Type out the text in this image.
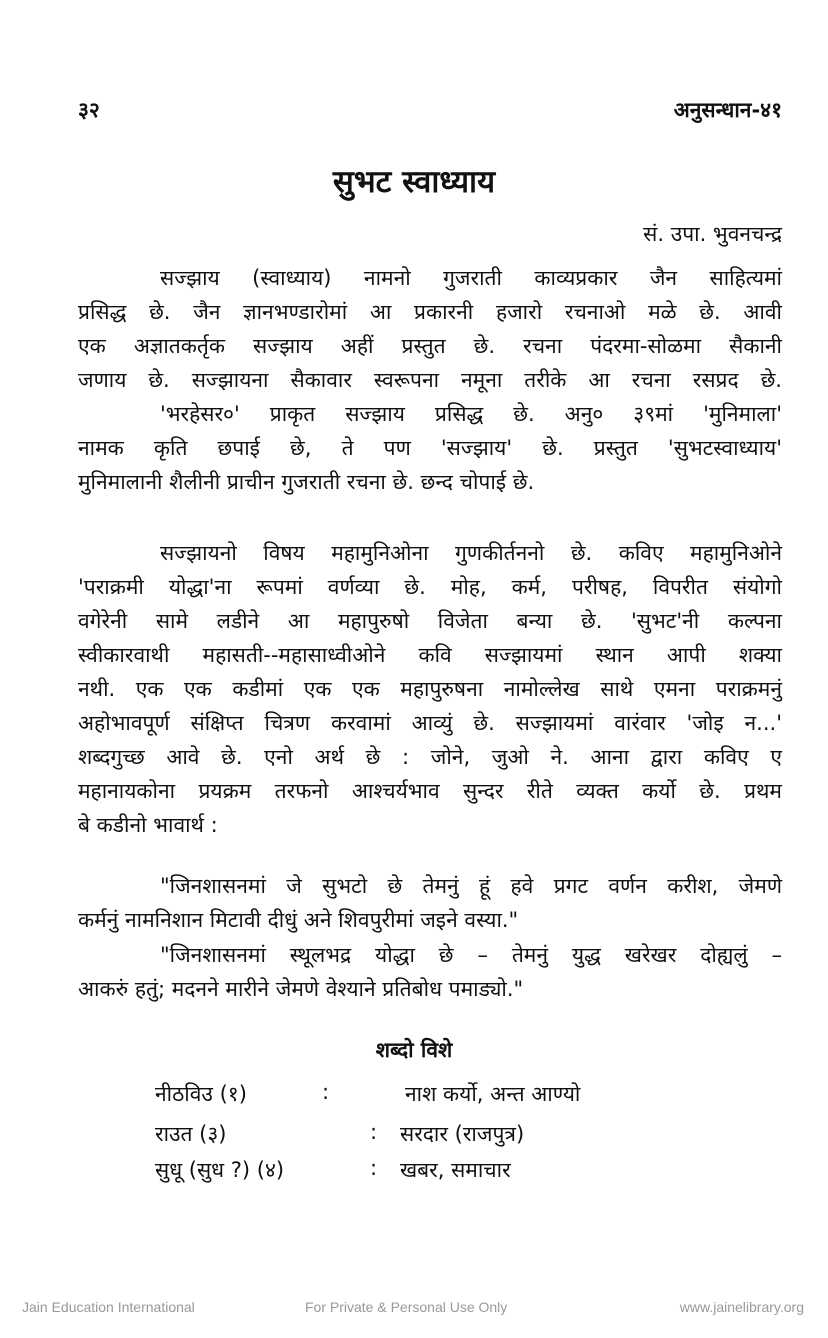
३२	अनुसन्धान-४१
सुभट स्वाध्याय
सं. उपा. भुवनचन्द्र
सज्झाय (स्वाध्याय) नामनो गुजराती काव्यप्रकार जैन साहित्यमां
प्रसिद्ध छे. जैन ज्ञानभण्डारोमां आ प्रकारनी हजारो रचनाओ मळे छे. आवी
एक अज्ञातकर्तृक सज्झाय अहीं प्रस्तुत छे. रचना पंदरमा-सोळमा सैकानी
जणाय छे. सज्झायना सैकावार स्वरूपना नमूना तरीके आ रचना रसप्रद छे.
'भरहेसर०' प्राकृत सज्झाय प्रसिद्ध छे. अनु० ३९मां 'मुनिमाला'
नामक कृति छपाई छे, ते पण 'सज्झाय' छे. प्रस्तुत 'सुभटस्वाध्याय'
मुनिमालानी शैलीनी प्राचीन गुजराती रचना छे. छन्द चोपाई छे.
सज्झायनो विषय महामुनिओना गुणकीर्तननो छे. कविए महामुनिओने
'पराक्रमी योद्धा'ना रूपमां वर्णव्या छे. मोह, कर्म, परीषह, विपरीत संयोगो
वगेरेनी सामे लडीने आ महापुरुषो विजेता बन्या छे. 'सुभट'नी कल्पना
स्वीकारवाथी महासती--महासाध्वीओने कवि सज्झायमां स्थान आपी शक्या
नथी. एक एक कडीमां एक एक महापुरुषना नामोल्लेख साथे एमना पराक्रमनुं
अहोभावपूर्ण संक्षिप्त चित्रण करवामां आव्युं छे. सज्झायमां वारंवार 'जोइ न...'
शब्दगुच्छ आवे छे. एनो अर्थ छे : जोने, जुओ ने. आना द्वारा कविए ए
महानायकोना प्रयक्रम तरफनो आश्चर्यभाव सुन्दर रीते व्यक्त कर्यो छे. प्रथम
बे कडीनो भावार्थ :
"जिनशासनमां जे सुभटो छे तेमनुं हूं हवे प्रगट वर्णन करीश, जेमणे
कर्मनुं नामनिशान मिटावी दीधुं अने शिवपुरीमां जइने वस्या."
"जिनशासनमां स्थूलभद्र योद्धा छे – तेमनुं युद्ध खरेखर दोह्यलुं –
आकरुं हतुं; मदनने मारीने जेमणे वेश्याने प्रतिबोध पमाड्यो."
शब्दो विशे
नीठविउ (१)	:	नाश कर्यो, अन्त आण्यो
राउत (३)	: सरदार (राजपुत्र)
सुधू (सुध ?) (४)	: खबर, समाचार
Jain Education International	For Private & Personal Use Only	www.jainelibrary.org
